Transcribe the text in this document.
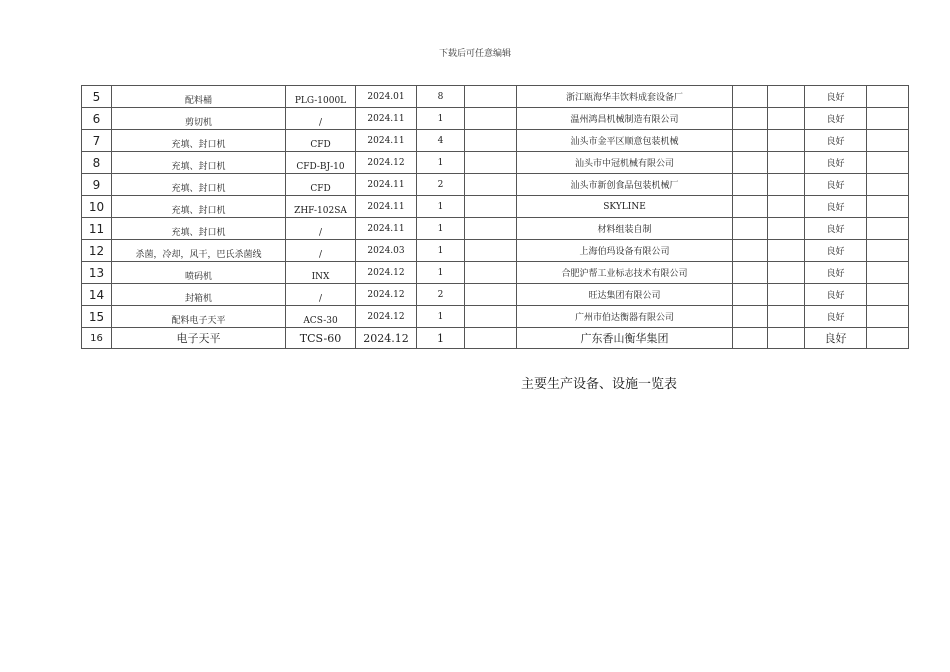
下载后可任意编辑
5	配料桶	PLG-1000L	2024.01	8		浙江瓯海华丰饮料成套设备厂			良好	
6	剪切机	/	2024.11	1		温州鸿昌机械制造有限公司			良好	
7	充填、封口机	CFD	2024.11	4		汕头市金平区顺意包装机械			良好	
8	充填、封口机	CFD-BJ-10	2024.12	1		汕头市中冠机械有限公司			良好	
9	充填、封口机	CFD	2024.11	2		汕头市新创食品包装机械厂			良好	
10	充填、封口机	ZHF-102SA	2024.11	1		SKYLINE			良好	
11	充填、封口机	/	2024.11	1		材料组装自制			良好	
12	杀菌，冷却，风干，巴氏杀菌线	/	2024.03	1		上海伯玛设备有限公司			良好	
13	喷码机	INX	2024.12	1		合肥沪帮工业标志技术有限公司			良好	
14	封箱机	/	2024.12	2		旺达集团有限公司			良好	
15	配料电子天平	ACS-30	2024.12	1		广州市伯达衡器有限公司			良好	
16	电子天平	TCS-60	2024.12	1		广东香山衡华集团			良好	
主要生产设备、设施一览表
